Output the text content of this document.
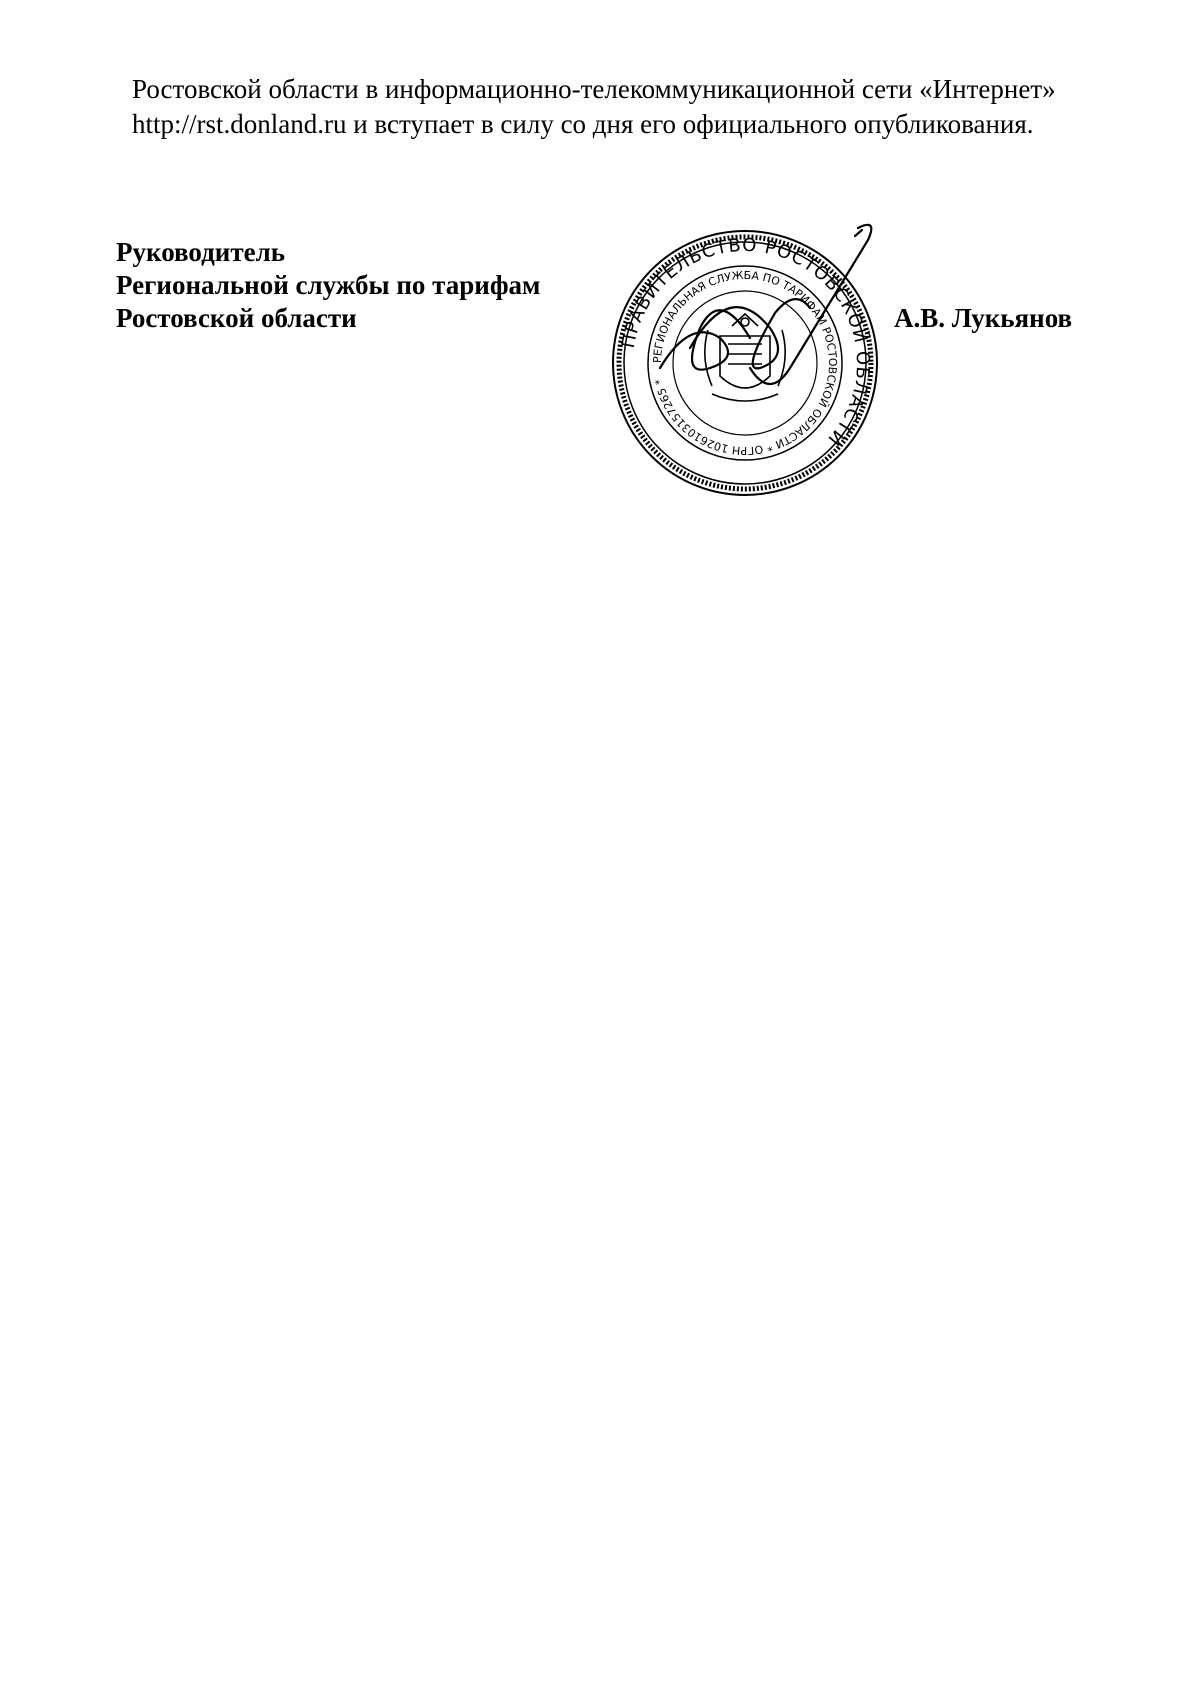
Ростовской области в информационно-телекоммуникационной сети «Интернет»
http://rst.donland.ru и вступает в силу со дня его официального опубликования.
Руководитель
Региональной службы по тарифам
Ростовской области
ПРАВИТЕЛЬСТВО РОСТОВСКОЙ ОБЛАСТИ
РЕГИОНАЛЬНАЯ СЛУЖБА ПО ТАРИФАМ РОСТОВСКОЙ ОБЛАСТИ * ОГРН 1026103157265 *
А.В. Лукьянов
